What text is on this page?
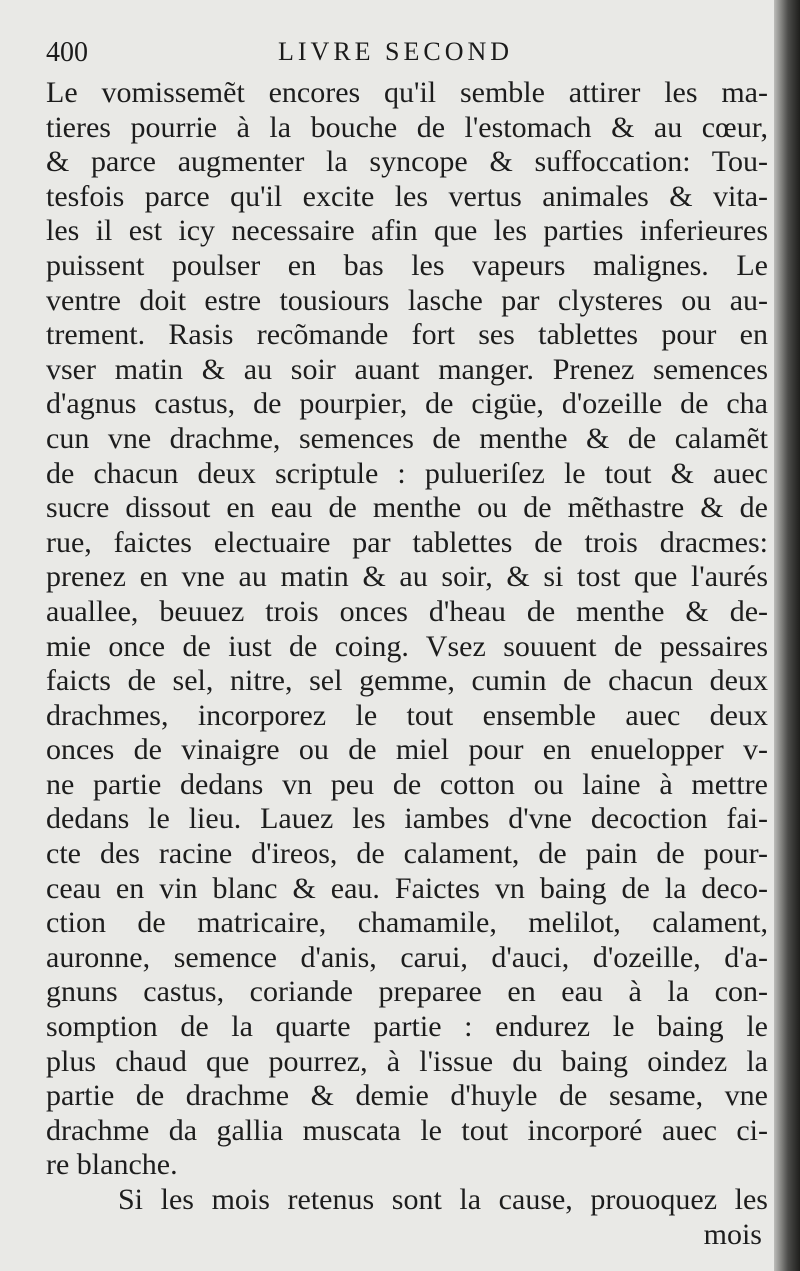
400	LIVRE SECOND
Le vomissemẽt encores qu'il semble attirer les ma-
tieres pourrie à la bouche de l'estomach & au cœur,
& parce augmenter la syncope & suffoccation: Tou-
tesfois parce qu'il excite les vertus animales & vita-
les il est icy necessaire afin que les parties inferieures
puissent poulser en bas les vapeurs malignes. Le
ventre doit estre tousiours lasche par clysteres ou au-
trement. Rasis recõmande fort ses tablettes pour en
vser matin & au soir auant manger. Prenez semences
d'agnus castus, de pourpier, de cigüe, d'ozeille de cha
cun vne drachme, semences de menthe & de calamẽt
de chacun deux scriptule : pulueriſez le tout & auec
sucre dissout en eau de menthe ou de mẽthastre & de
rue, faictes electuaire par tablettes de trois dracmes:
prenez en vne au matin & au soir, & si tost que l'aurés
auallee, beuuez trois onces d'heau de menthe & de-
mie once de iust de coing. Vsez souuent de pessaires
faicts de sel, nitre, sel gemme, cumin de chacun deux
drachmes, incorporez le tout ensemble auec deux
onces de vinaigre ou de miel pour en enuelopper v-
ne partie dedans vn peu de cotton ou laine à mettre
dedans le lieu. Lauez les iambes d'vne decoction fai-
cte des racine d'ireos, de calament, de pain de pour-
ceau en vin blanc & eau. Faictes vn baing de la deco-
ction de matricaire, chamamile, melilot, calament,
auronne, semence d'anis, carui, d'auci, d'ozeille, d'a-
gnuns castus, coriande preparee en eau à la con-
somption de la quarte partie : endurez le baing le
plus chaud que pourrez, à l'issue du baing oindez la
partie de drachme & demie d'huyle de sesame, vne
drachme da gallia muscata le tout incorporé auec ci-
re blanche.
Si les mois retenus sont la cause, prouoquez les
mois
